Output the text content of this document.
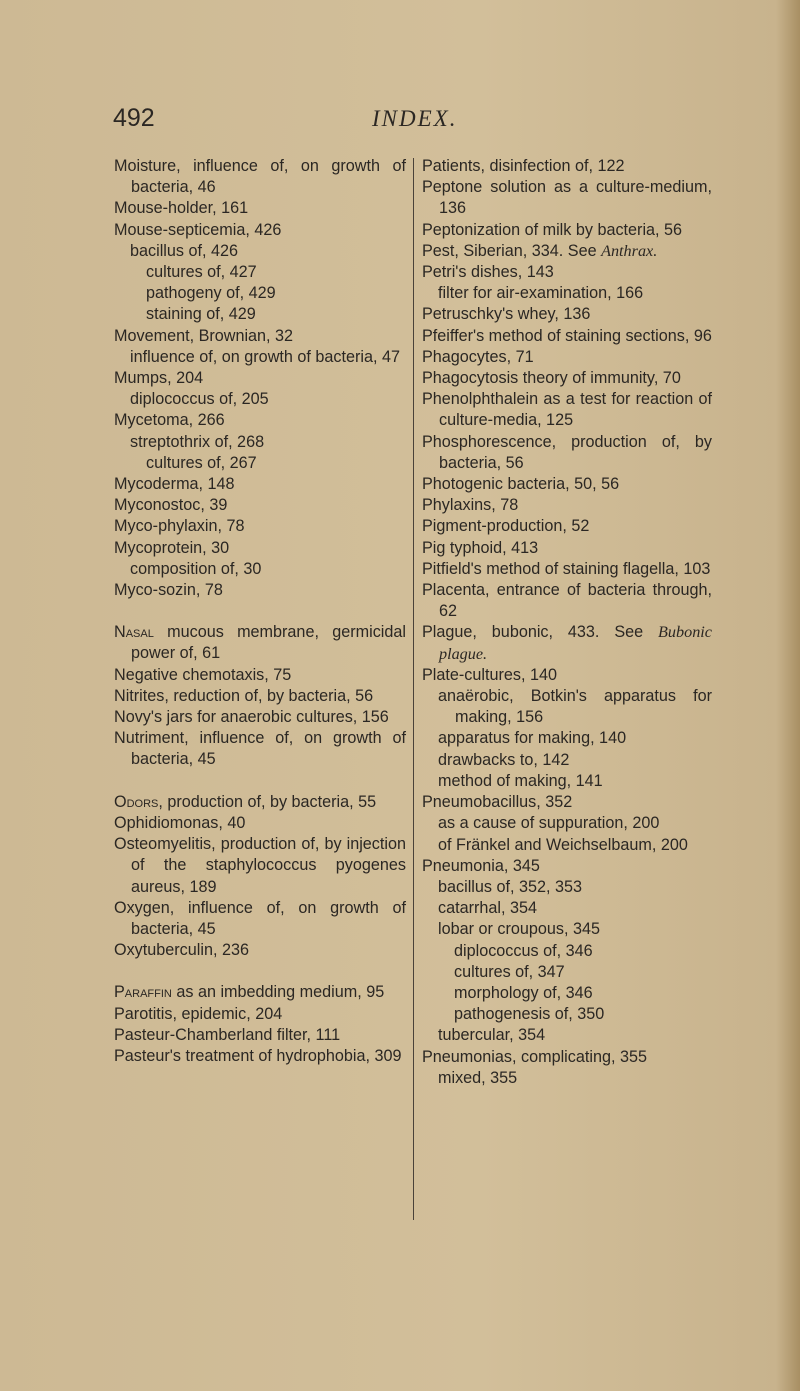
492	INDEX.
Moisture, influence of, on growth of bacteria, 46
Mouse-holder, 161
Mouse-septicemia, 426
bacillus of, 426
cultures of, 427
pathogeny of, 429
staining of, 429
Movement, Brownian, 32
influence of, on growth of bacteria, 47
Mumps, 204
diplococcus of, 205
Mycetoma, 266
streptothrix of, 268
cultures of, 267
Mycoderma, 148
Myconostoc, 39
Myco-phylaxin, 78
Mycoprotein, 30
composition of, 30
Myco-sozin, 78
Nasal mucous membrane, germicidal power of, 61
Negative chemotaxis, 75
Nitrites, reduction of, by bacteria, 56
Novy's jars for anaerobic cultures, 156
Nutriment, influence of, on growth of bacteria, 45
Odors, production of, by bacteria, 55
Ophidiomonas, 40
Osteomyelitis, production of, by injection of the staphylococcus pyogenes aureus, 189
Oxygen, influence of, on growth of bacteria, 45
Oxytuberculin, 236
Paraffin as an imbedding medium, 95
Parotitis, epidemic, 204
Pasteur-Chamberland filter, 111
Pasteur's treatment of hydrophobia, 309
Patients, disinfection of, 122
Peptone solution as a culture-medium, 136
Peptonization of milk by bacteria, 56
Pest, Siberian, 334. See Anthrax.
Petri's dishes, 143
filter for air-examination, 166
Petruschky's whey, 136
Pfeiffer's method of staining sections, 96
Phagocytes, 71
Phagocytosis theory of immunity, 70
Phenolphthalein as a test for reaction of culture-media, 125
Phosphorescence, production of, by bacteria, 56
Photogenic bacteria, 50, 56
Phylaxins, 78
Pigment-production, 52
Pig typhoid, 413
Pitfield's method of staining flagella, 103
Placenta, entrance of bacteria through, 62
Plague, bubonic, 433. See Bubonic plague.
Plate-cultures, 140
anaërobic, Botkin's apparatus for making, 156
apparatus for making, 140
drawbacks to, 142
method of making, 141
Pneumobacillus, 352
as a cause of suppuration, 200
of Fränkel and Weichselbaum, 200
Pneumonia, 345
bacillus of, 352, 353
catarrhal, 354
lobar or croupous, 345
diplococcus of, 346
cultures of, 347
morphology of, 346
pathogenesis of, 350
tubercular, 354
Pneumonias, complicating, 355
mixed, 355
